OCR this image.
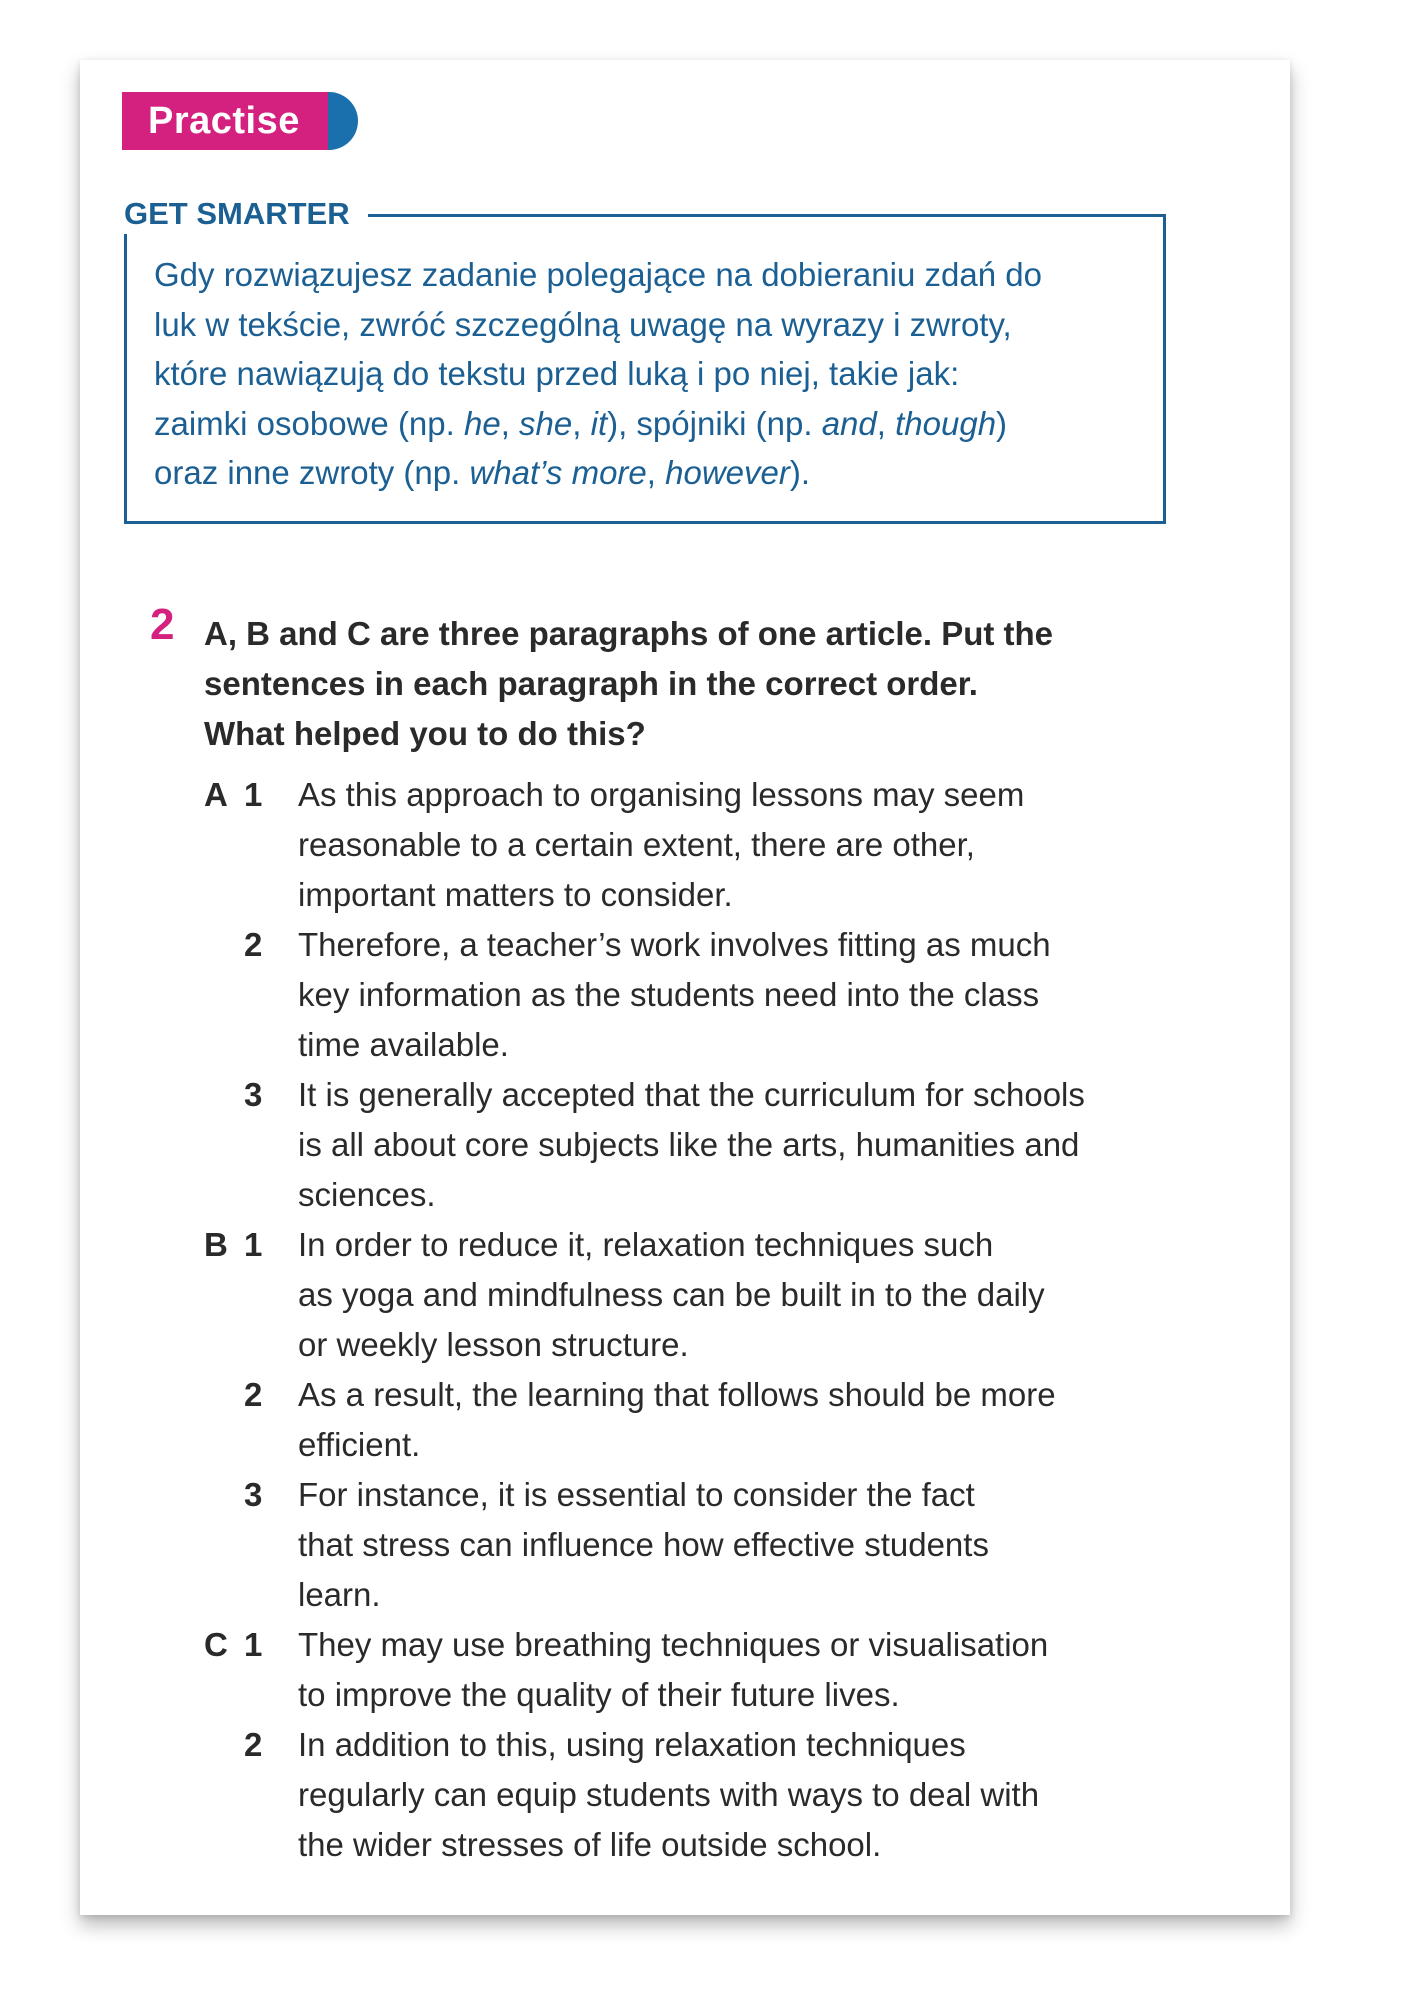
Practise
GET SMARTER
Gdy rozwiązujesz zadanie polegające na dobieraniu zdań do
luk w tekście, zwróć szczególną uwagę na wyrazy i zwroty,
które nawiązują do tekstu przed luką i po niej, takie jak:
zaimki osobowe (np. he, she, it), spójniki (np. and, though)
oraz inne zwroty (np. what’s more, however).
2 A, B and C are three paragraphs of one article. Put the
sentences in each paragraph in the correct order.
What helped you to do this?
A 1	As this approach to organising lessons may seem
reasonable to a certain extent, there are other,
important matters to consider.
2	Therefore, a teacher’s work involves fitting as much
key information as the students need into the class
time available.
3	It is generally accepted that the curriculum for schools
is all about core subjects like the arts, humanities and
sciences.
B 1	In order to reduce it, relaxation techniques such
as yoga and mindfulness can be built in to the daily
or weekly lesson structure.
2	As a result, the learning that follows should be more
efficient.
3	For instance, it is essential to consider the fact
that stress can influence how effective students
learn.
C 1	They may use breathing techniques or visualisation
to improve the quality of their future lives.
2	In addition to this, using relaxation techniques
regularly can equip students with ways to deal with
the wider stresses of life outside school.
